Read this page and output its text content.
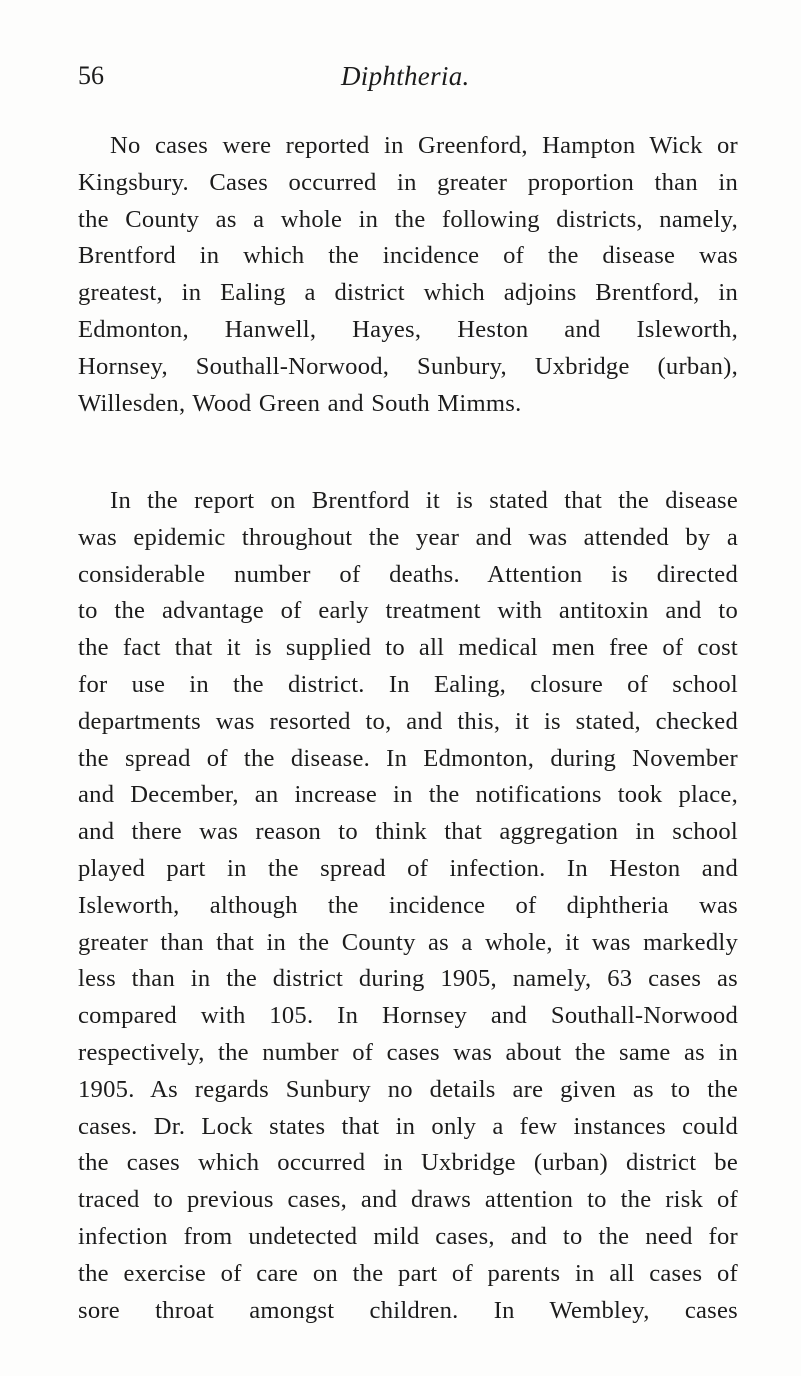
56	Diphtheria.

No cases were reported in Greenford, Hampton Wick or
Kingsbury. Cases occurred in greater proportion than in
the County as a whole in the following districts, namely,
Brentford in which the incidence of the disease was
greatest, in Ealing a district which adjoins Brentford, in
Edmonton, Hanwell, Hayes, Heston and Isleworth,
Hornsey, Southall-Norwood, Sunbury, Uxbridge (urban),
Willesden, Wood Green and South Mimms.

In the report on Brentford it is stated that the disease
was epidemic throughout the year and was attended by a
considerable number of deaths. Attention is directed
to the advantage of early treatment with antitoxin and to
the fact that it is supplied to all medical men free of cost
for use in the district. In Ealing, closure of school
departments was resorted to, and this, it is stated, checked
the spread of the disease. In Edmonton, during November
and December, an increase in the notifications took place,
and there was reason to think that aggregation in school
played part in the spread of infection. In Heston and
Isleworth, although the incidence of diphtheria was
greater than that in the County as a whole, it was markedly
less than in the district during 1905, namely, 63 cases as
compared with 105. In Hornsey and Southall-Norwood
respectively, the number of cases was about the same as in
1905. As regards Sunbury no details are given as to the
cases. Dr. Lock states that in only a few instances could
the cases which occurred in Uxbridge (urban) district be
traced to previous cases, and draws attention to the risk of
infection from undetected mild cases, and to the need for
the exercise of care on the part of parents in all cases of
sore throat amongst children. In Wembley, cases
